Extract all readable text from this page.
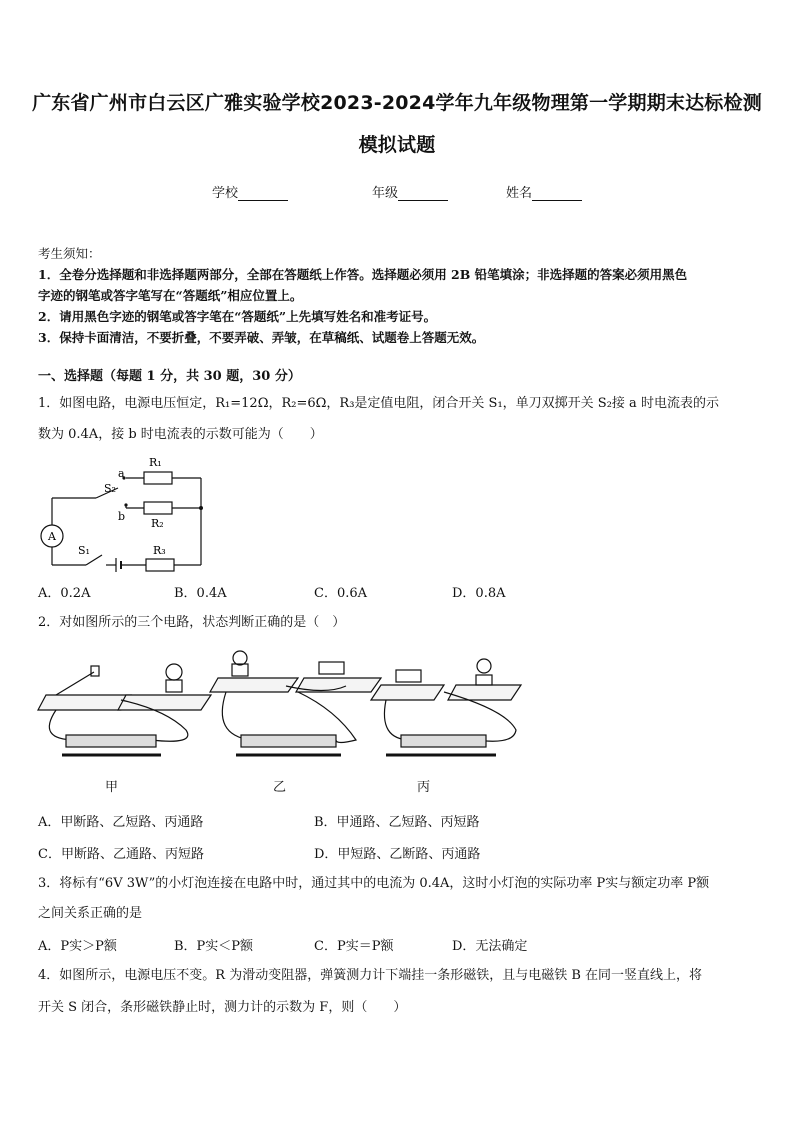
广东省广州市白云区广雅实验学校2023-2024学年九年级物理第一学期期末达标检测
模拟试题
学校	年级	姓名
考生须知：
1．全卷分选择题和非选择题两部分，全部在答题纸上作答。选择题必须用 2B 铅笔填涂；非选择题的答案必须用黑色
字迹的钢笔或答字笔写在“答题纸”相应位置上。
2．请用黑色字迹的钢笔或答字笔在“答题纸”上先填写姓名和准考证号。
3．保持卡面清洁，不要折叠，不要弄破、弄皱，在草稿纸、试题卷上答题无效。
一、选择题（每题 1 分，共 30 题，30 分）
1．如图电路，电源电压恒定，R₁=12Ω，R₂=6Ω，R₃是定值电阻，闭合开关 S₁，单刀双掷开关 S₂接 a 时电流表的示
数为 0.4A，接 b 时电流表的示数可能为（　　）
a
b
S₂
S₁
R₁
R₂
R₃
A
A．0.2A	B．0.4A	C．0.6A	D．0.8A
2．对如图所示的三个电路，状态判断正确的是（　）
甲	乙	丙
A．甲断路、乙短路、丙通路	B．甲通路、乙短路、丙短路
C．甲断路、乙通路、丙短路	D．甲短路、乙断路、丙通路
3．将标有“6V 3W”的小灯泡连接在电路中时，通过其中的电流为 0.4A，这时小灯泡的实际功率 P实与额定功率 P额
之间关系正确的是
A．P实＞P额	B．P实＜P额	C．P实＝P额	D．无法确定
4．如图所示，电源电压不变。R 为滑动变阻器，弹簧测力计下端挂一条形磁铁，且与电磁铁 B 在同一竖直线上，将
开关 S 闭合，条形磁铁静止时，测力计的示数为 F，则（　　）
